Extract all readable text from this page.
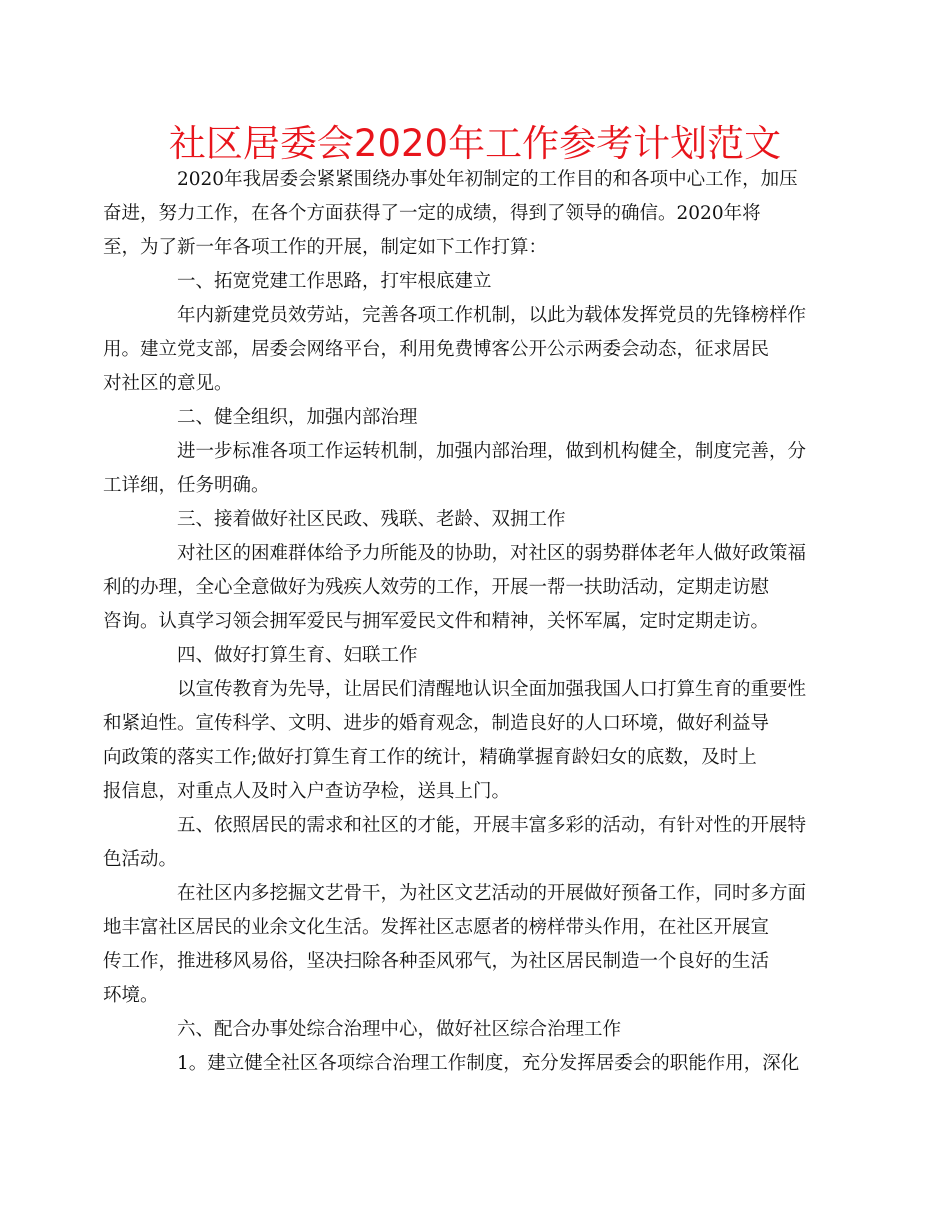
社区居委会2020年工作参考计划范文

2020年我居委会紧紧围绕办事处年初制定的工作目的和各项中心工作，加压
奋进，努力工作，在各个方面获得了一定的成绩，得到了领导的确信。2020年将
至，为了新一年各项工作的开展，制定如下工作打算：

一、拓宽党建工作思路，打牢根底建立

年内新建党员效劳站，完善各项工作机制，以此为载体发挥党员的先锋榜样作
用。建立党支部，居委会网络平台，利用免费博客公开公示两委会动态，征求居民
对社区的意见。

二、健全组织，加强内部治理

进一步标准各项工作运转机制，加强内部治理，做到机构健全，制度完善，分
工详细，任务明确。

三、接着做好社区民政、残联、老龄、双拥工作

对社区的困难群体给予力所能及的协助，对社区的弱势群体老年人做好政策福
利的办理，全心全意做好为残疾人效劳的工作，开展一帮一扶助活动，定期走访慰
咨询。认真学习领会拥军爱民与拥军爱民文件和精神，关怀军属，定时定期走访。

四、做好打算生育、妇联工作

以宣传教育为先导，让居民们清醒地认识全面加强我国人口打算生育的重要性
和紧迫性。宣传科学、文明、进步的婚育观念，制造良好的人口环境，做好利益导
向政策的落实工作;做好打算生育工作的统计，精确掌握育龄妇女的底数，及时上
报信息，对重点人及时入户查访孕检，送具上门。

五、依照居民的需求和社区的才能，开展丰富多彩的活动，有针对性的开展特
色活动。

在社区内多挖掘文艺骨干，为社区文艺活动的开展做好预备工作，同时多方面
地丰富社区居民的业余文化生活。发挥社区志愿者的榜样带头作用，在社区开展宣
传工作，推进移风易俗，坚决扫除各种歪风邪气，为社区居民制造一个良好的生活
环境。

六、配合办事处综合治理中心，做好社区综合治理工作

1。建立健全社区各项综合治理工作制度，充分发挥居委会的职能作用，深化
